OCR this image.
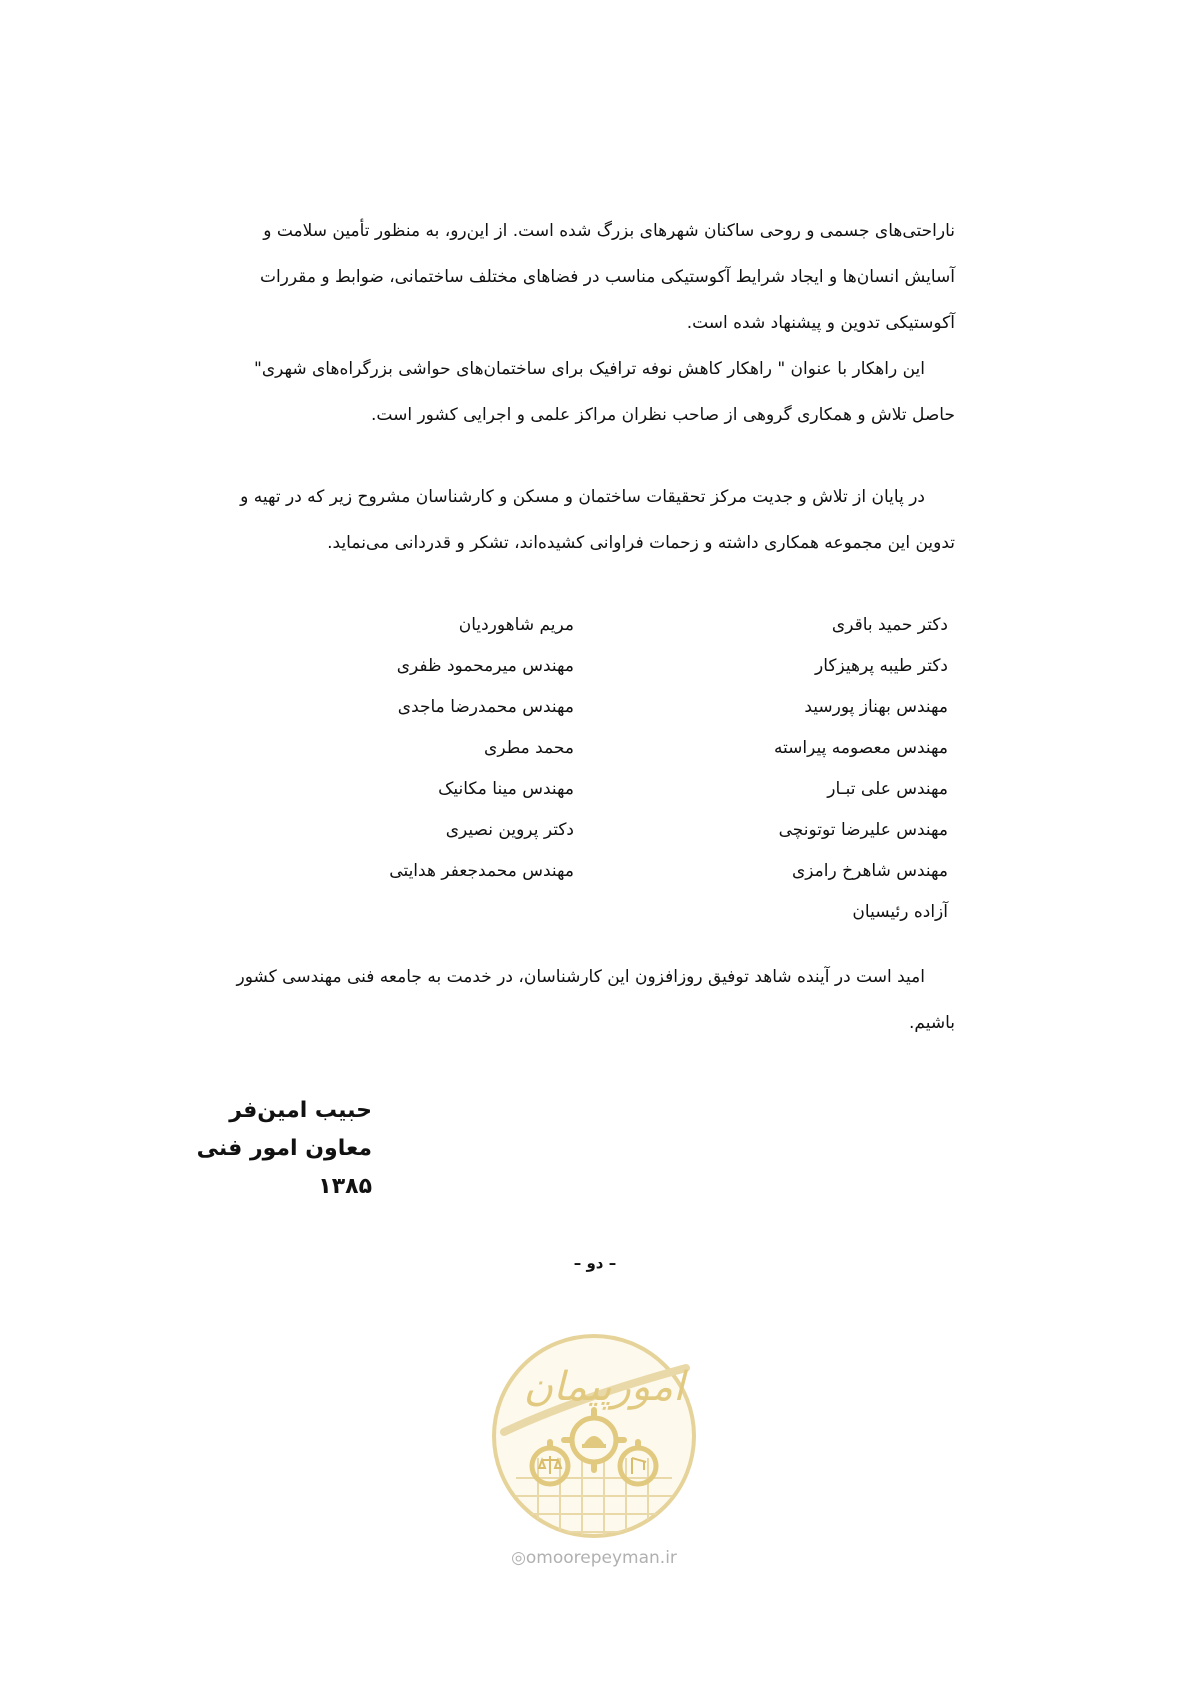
ناراحتی‌های جسمی و روحی ساکنان شهرهای بزرگ شده است. از این‌رو، به منظور تأمین سلامت و
آسایش انسان‌ها و ایجاد شرایط آکوستیکی مناسب در فضاهای مختلف ساختمانی، ضوابط و مقررات
آکوستیکی تدوین و پیشنهاد شده است.
این راهکار با عنوان " راهکار کاهش نوفه ترافیک برای ساختمان‌های حواشی بزرگراه‌های شهری"
حاصل تلاش و همکاری گروهی از صاحب نظران مراکز علمی و اجرایی کشور است.
در پایان از تلاش و جدیت مرکز تحقیقات ساختمان و مسکن و کارشناسان مشروح زیر که در تهیه و
تدوین این مجموعه همکاری داشته و زحمات فراوانی کشیده‌اند، تشکر و قدردانی می‌نماید.
دکتر حمید باقری
دکتر طیبه پرهیزکار
مهندس بهناز پورسید
مهندس معصومه پیراسته
مهندس علی تبـار
مهندس علیرضا توتونچی
مهندس شاهرخ رامزی
آزاده رئیسیان
مریم شاهوردیان
مهندس میرمحمود ظفری
مهندس محمدرضا ماجدی
محمد مطری
مهندس مینا مکانیک
دکتر پروین نصیری
مهندس محمدجعفر هدایتی
امید است در آینده شاهد توفیق روزافزون این کارشناسان، در خدمت به جامعه فنی مهندسی کشور
باشیم.
حبیب امین‌فر
معاون امور فنی
۱۳۸۵
– دو –
امورپیمان
◎omoorepeyman.ir
